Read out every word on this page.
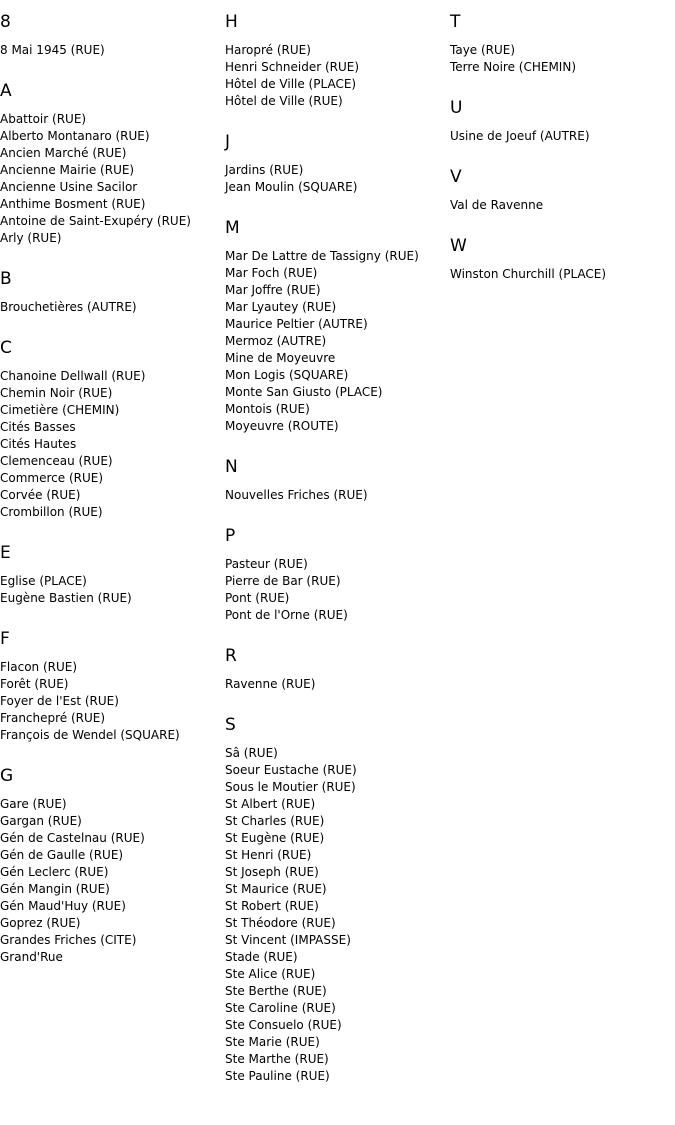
8
8 Mai 1945 (RUE)
A
Abattoir (RUE)
Alberto Montanaro (RUE)
Ancien Marché (RUE)
Ancienne Mairie (RUE)
Ancienne Usine Sacilor
Anthime Bosment (RUE)
Antoine de Saint-Exupéry (RUE)
Arly (RUE)
B
Brouchetières (AUTRE)
C
Chanoine Dellwall (RUE)
Chemin Noir (RUE)
Cimetière (CHEMIN)
Cités Basses
Cités Hautes
Clemenceau (RUE)
Commerce (RUE)
Corvée (RUE)
Crombillon (RUE)
E
Eglise (PLACE)
Eugène Bastien (RUE)
F
Flacon (RUE)
Forêt (RUE)
Foyer de l'Est (RUE)
Franchepré (RUE)
François de Wendel (SQUARE)
G
Gare (RUE)
Gargan (RUE)
Gén de Castelnau (RUE)
Gén de Gaulle (RUE)
Gén Leclerc (RUE)
Gén Mangin (RUE)
Gén Maud'Huy (RUE)
Goprez (RUE)
Grandes Friches (CITE)
Grand'Rue
H
Haropré (RUE)
Henri Schneider (RUE)
Hôtel de Ville (PLACE)
Hôtel de Ville (RUE)
J
Jardins (RUE)
Jean Moulin (SQUARE)
M
Mar De Lattre de Tassigny (RUE)
Mar Foch (RUE)
Mar Joffre (RUE)
Mar Lyautey (RUE)
Maurice Peltier (AUTRE)
Mermoz (AUTRE)
Mine de Moyeuvre
Mon Logis (SQUARE)
Monte San Giusto (PLACE)
Montois (RUE)
Moyeuvre (ROUTE)
N
Nouvelles Friches (RUE)
P
Pasteur (RUE)
Pierre de Bar (RUE)
Pont (RUE)
Pont de l'Orne (RUE)
R
Ravenne (RUE)
S
Sâ (RUE)
Soeur Eustache (RUE)
Sous le Moutier (RUE)
St Albert (RUE)
St Charles (RUE)
St Eugène (RUE)
St Henri (RUE)
St Joseph (RUE)
St Maurice (RUE)
St Robert (RUE)
St Théodore (RUE)
St Vincent (IMPASSE)
Stade (RUE)
Ste Alice (RUE)
Ste Berthe (RUE)
Ste Caroline (RUE)
Ste Consuelo (RUE)
Ste Marie (RUE)
Ste Marthe (RUE)
Ste Pauline (RUE)
T
Taye (RUE)
Terre Noire (CHEMIN)
U
Usine de Joeuf (AUTRE)
V
Val de Ravenne
W
Winston Churchill (PLACE)
